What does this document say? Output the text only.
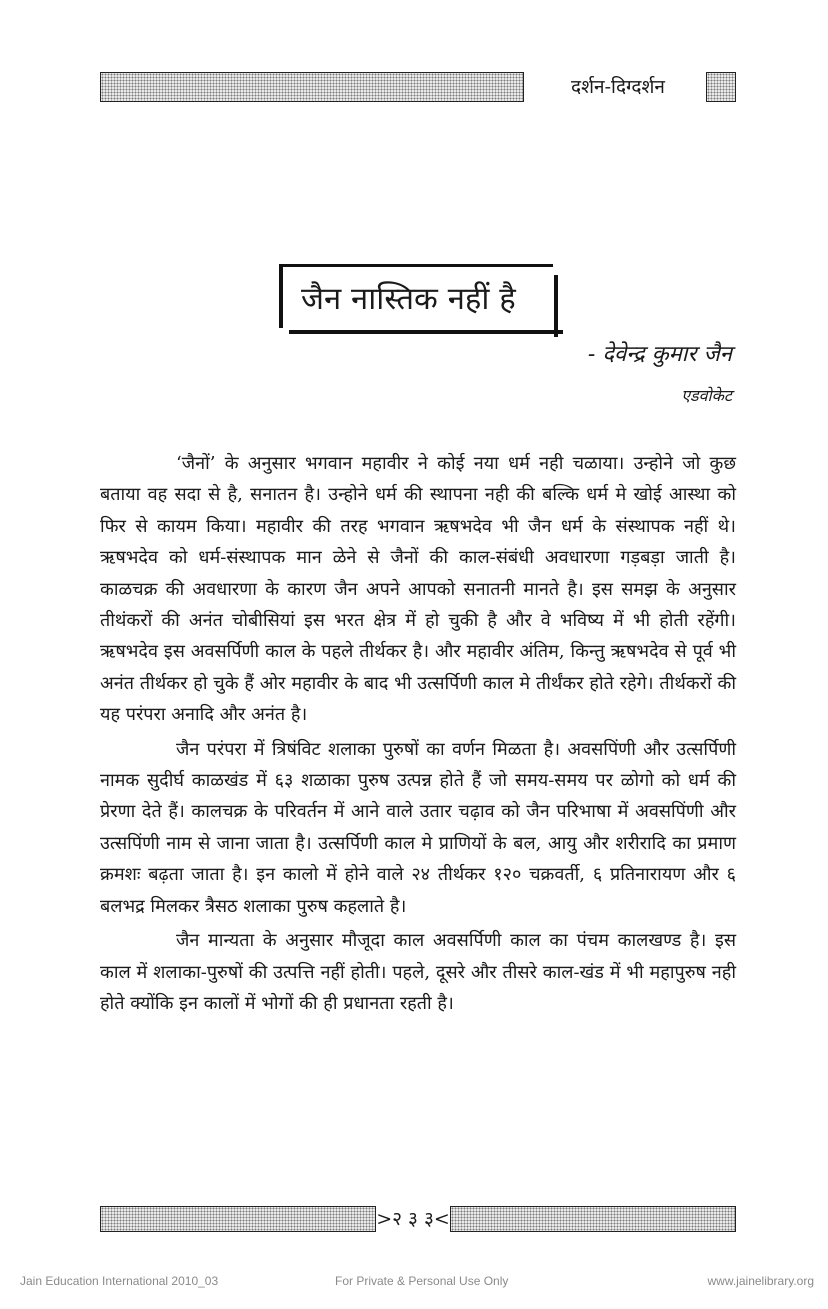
दर्शन-दिग्दर्शन
जैन नास्तिक नहीं है
- देवेन्द्र कुमार जैन
एडवोकेट

‘जैनों’ के अनुसार भगवान महावीर ने कोई नया धर्म नही चळाया। उन्होने जो कुछ बताया वह सदा से है, सनातन है। उन्होने धर्म की स्थापना नही की बल्कि धर्म मे खोई आस्था को फिर से कायम किया। महावीर की तरह भगवान ऋषभदेव भी जैन धर्म के संस्थापक नहीं थे। ऋषभदेव को धर्म-संस्थापक मान ळेने से जैनों की काल-संबंधी अवधारणा गड़बड़ा जाती है। काळचक्र की अवधारणा के कारण जैन अपने आपको सनातनी मानते है। इस समझ के अनुसार तीथंकरों की अनंत चोबीसियां इस भरत क्षेत्र में हो चुकी है और वे भविष्य में भी होती रहेंगी। ऋषभदेव इस अवसर्पिणी काल के पहले तीर्थकर है। और महावीर अंतिम, किन्तु ऋषभदेव से पूर्व भी अनंत तीर्थकर हो चुके हैं ओर महावीर के बाद भी उत्सर्पिणी काल मे तीर्थंकर होते रहेगे। तीर्थकरों की यह परंपरा अनादि और अनंत है।

जैन परंपरा में त्रिषंविट शलाका पुरुषों का वर्णन मिळता है। अवसपिंणी और उत्सर्पिणी नामक सुदीर्घ काळखंड में ६३ शळाका पुरुष उत्पन्न होते हैं जो समय-समय पर ळोगो को धर्म की प्रेरणा देते हैं। कालचक्र के परिवर्तन में आने वाले उतार चढ़ाव को जैन परिभाषा में अवसपिंणी और उत्सपिंणी नाम से जाना जाता है। उत्सर्पिणी काल मे प्राणियों के बल, आयु और शरीरादि का प्रमाण क्रमशः बढ़ता जाता है। इन कालो में होने वाले २४ तीर्थकर १२० चक्रवर्ती, ६ प्रतिनारायण और ६ बलभद्र मिलकर त्रैसठ शलाका पुरुष कहलाते है।

जैन मान्यता के अनुसार मौजूदा काल अवसर्पिणी काल का पंचम कालखण्ड है। इस काल में शलाका-पुरुषों की उत्पत्ति नहीं होती। पहले, दूसरे और तीसरे काल-खंड में भी महापुरुष नही होते क्योंकि इन कालों में भोगों की ही प्रधानता रहती है।

>२ ३ ३<
Jain Education International 2010_03	For Private & Personal Use Only	www.jainelibrary.org
